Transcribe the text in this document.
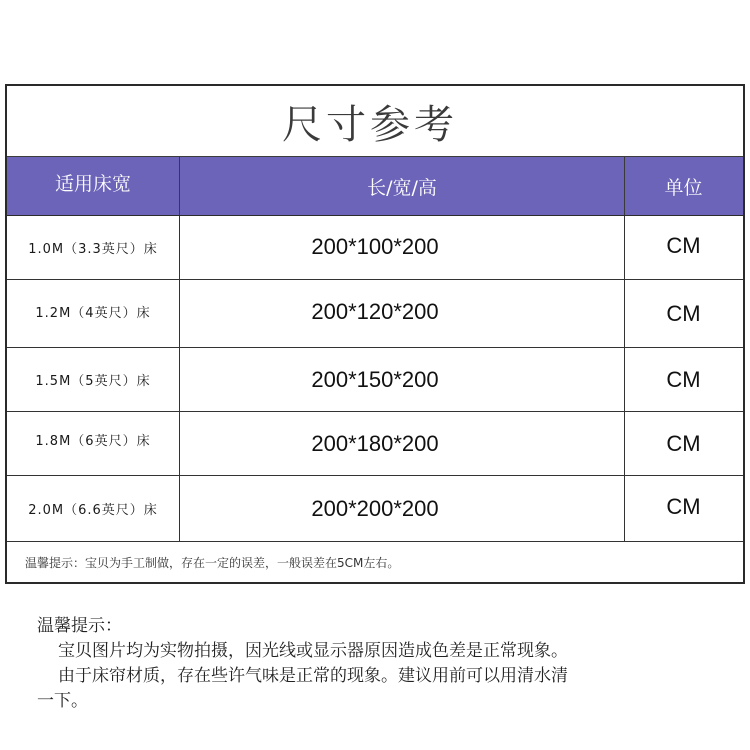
尺寸参考
适用床宽	长/宽/高	单位
1.0M（3.3英尺）床	200*100*200	CM
1.2M（4英尺）床	200*120*200	CM
1.5M（5英尺）床	200*150*200	CM
1.8M（6英尺）床	200*180*200	CM
2.0M（6.6英尺）床	200*200*200	CM
温馨提示：宝贝为手工制做，存在一定的误差，一般误差在5CM左右。
温馨提示：
宝贝图片均为实物拍摄，因光线或显示器原因造成色差是正常现象。
由于床帘材质，存在些许气味是正常的现象。建议用前可以用清水清
一下。
